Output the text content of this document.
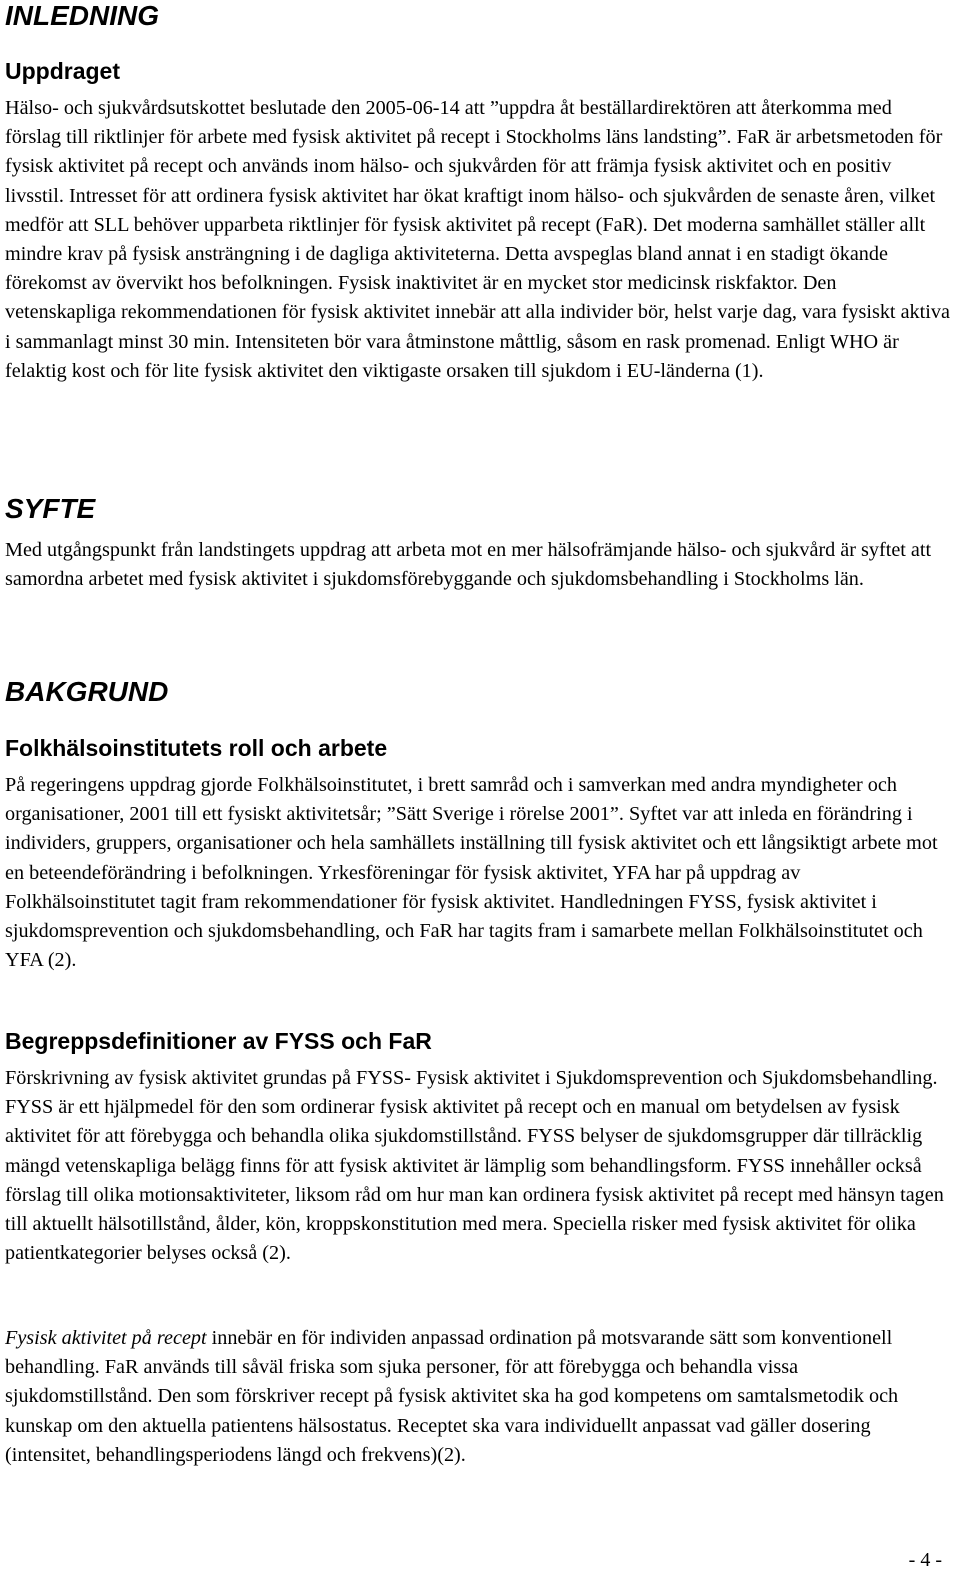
INLEDNING
Uppdraget

Hälso- och sjukvårdsutskottet beslutade den 2005-06-14 att ”uppdra åt beställardirektören att återkomma med förslag till riktlinjer för arbete med fysisk aktivitet på recept i Stockholms läns landsting”. FaR är arbetsmetoden för fysisk aktivitet på recept och används inom hälso- och sjukvården för att främja fysisk aktivitet och en positiv livsstil. Intresset för att ordinera fysisk aktivitet har ökat kraftigt inom hälso- och sjukvården de senaste åren, vilket medför att SLL behöver upparbeta riktlinjer för fysisk aktivitet på recept (FaR). Det moderna samhället ställer allt mindre krav på fysisk ansträngning i de dagliga aktiviteterna. Detta avspeglas bland annat i en stadigt ökande förekomst av övervikt hos befolkningen. Fysisk inaktivitet är en mycket stor medicinsk riskfaktor. Den vetenskapliga rekommendationen för fysisk aktivitet innebär att alla individer bör, helst varje dag, vara fysiskt aktiva i sammanlagt minst 30 min. Intensiteten bör vara åtminstone måttlig, såsom en rask promenad. Enligt WHO är felaktig kost och för lite fysisk aktivitet den viktigaste orsaken till sjukdom i EU-länderna (1).

SYFTE

Med utgångspunkt från landstingets uppdrag att arbeta mot en mer hälsofrämjande hälso- och sjukvård är syftet att samordna arbetet med fysisk aktivitet i sjukdomsförebyggande och sjukdomsbehandling i Stockholms län.

BAKGRUND
Folkhälsoinstitutets roll och arbete

På regeringens uppdrag gjorde Folkhälsoinstitutet, i brett samråd och i samverkan med andra myndigheter och organisationer, 2001 till ett fysiskt aktivitetsår; ”Sätt Sverige i rörelse 2001”. Syftet var att inleda en förändring i individers, gruppers, organisationer och hela samhällets inställning till fysisk aktivitet och ett långsiktigt arbete mot en beteendeförändring i befolkningen. Yrkesföreningar för fysisk aktivitet, YFA har på uppdrag av Folkhälsoinstitutet tagit fram rekommendationer för fysisk aktivitet. Handledningen FYSS, fysisk aktivitet i sjukdomsprevention och sjukdomsbehandling, och FaR har tagits fram i samarbete mellan Folkhälsoinstitutet och YFA (2).

Begreppsdefinitioner av FYSS och FaR

Förskrivning av fysisk aktivitet grundas på FYSS- Fysisk aktivitet i Sjukdomsprevention och Sjukdomsbehandling. FYSS är ett hjälpmedel för den som ordinerar fysisk aktivitet på recept och en manual om betydelsen av fysisk aktivitet för att förebygga och behandla olika sjukdomstillstånd. FYSS belyser de sjukdomsgrupper där tillräcklig mängd vetenskapliga belägg finns för att fysisk aktivitet är lämplig som behandlingsform. FYSS innehåller också förslag till olika motionsaktiviteter, liksom råd om hur man kan ordinera fysisk aktivitet på recept med hänsyn tagen till aktuellt hälsotillstånd, ålder, kön, kroppskonstitution med mera. Speciella risker med fysisk aktivitet för olika patientkategorier belyses också (2).

Fysisk aktivitet på recept innebär en för individen anpassad ordination på motsvarande sätt som konventionell behandling. FaR används till såväl friska som sjuka personer, för att förebygga och behandla vissa sjukdomstillstånd. Den som förskriver recept på fysisk aktivitet ska ha god kompetens om samtalsmetodik och kunskap om den aktuella patientens hälsostatus. Receptet ska vara individuellt anpassat vad gäller dosering (intensitet, behandlingsperiodens längd och frekvens)(2).

- 4 -
